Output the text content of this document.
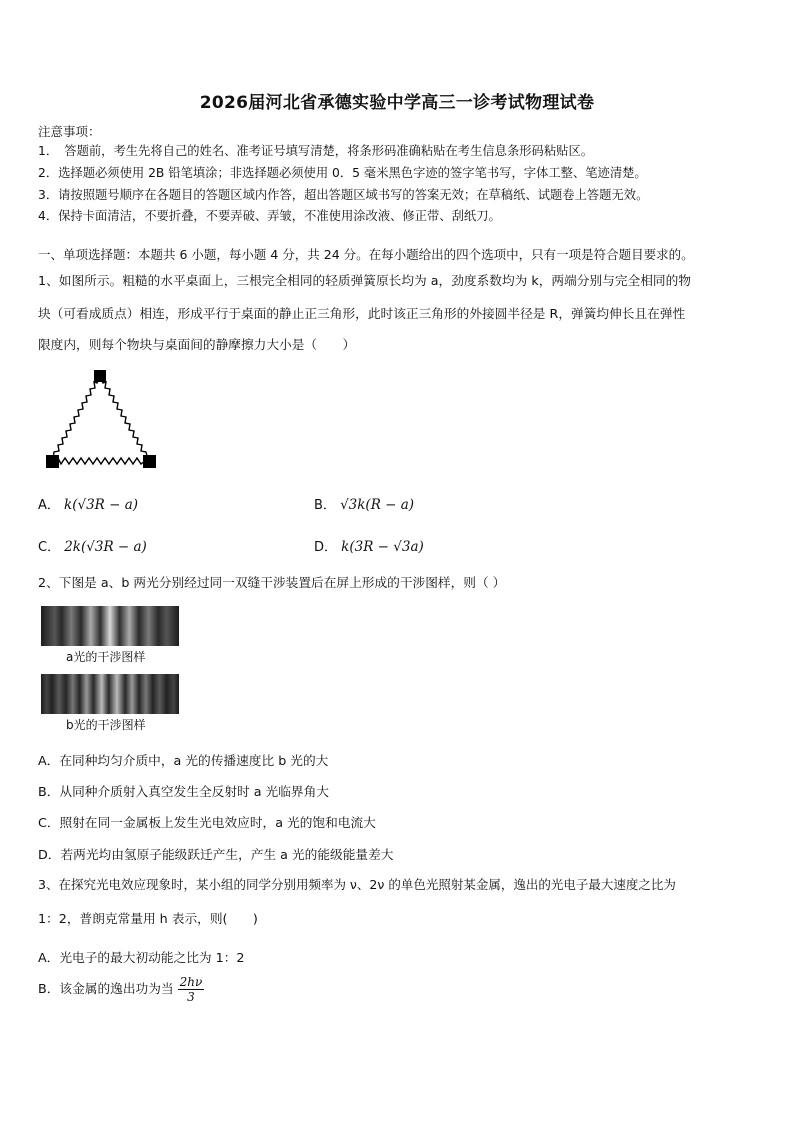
2026届河北省承德实验中学高三一诊考试物理试卷
注意事项：
1．　答题前，考生先将自己的姓名、准考证号填写清楚，将条形码准确粘贴在考生信息条形码粘贴区。
2．选择题必须使用 2B 铅笔填涂；非选择题必须使用 0．5 毫米黑色字迹的签字笔书写，字体工整、笔迹清楚。
3．请按照题号顺序在各题目的答题区域内作答，超出答题区域书写的答案无效；在草稿纸、试题卷上答题无效。
4．保持卡面清洁，不要折叠，不要弄破、弄皱，不准使用涂改液、修正带、刮纸刀。
一、单项选择题：本题共 6 小题，每小题 4 分，共 24 分。在每小题给出的四个选项中，只有一项是符合题目要求的。
1、如图所示。粗糙的水平桌面上，三根完全相同的轻质弹簧原长均为 a，劲度系数均为 k，两端分别与完全相同的物
块（可看成质点）相连，形成平行于桌面的静止正三角形，此时该正三角形的外接圆半径是 R，弹簧均伸长且在弹性
限度内，则每个物块与桌面间的静摩擦力大小是（　　）
A． k(√3R − a)	B． √3k(R − a)
C． 2k(√3R − a)	D． k(3R − √3a)
2、下图是 a、b 两光分别经过同一双缝干涉装置后在屏上形成的干涉图样，则（ ）
a光的干涉图样
b光的干涉图样
A．在同种均匀介质中，a 光的传播速度比 b 光的大
B．从同种介质射入真空发生全反射时 a 光临界角大
C．照射在同一金属板上发生光电效应时，a 光的饱和电流大
D．若两光均由氢原子能级跃迁产生，产生 a 光的能级能量差大
3、在探究光电效应现象时，某小组的同学分别用频率为 ν、2ν 的单色光照射某金属，逸出的光电子最大速度之比为
1：2，普朗克常量用 h 表示，则(　　)
A．光电子的最大初动能之比为 1：2
B．该金属的逸出功为当 $\frac{2h\nu}{3}$
